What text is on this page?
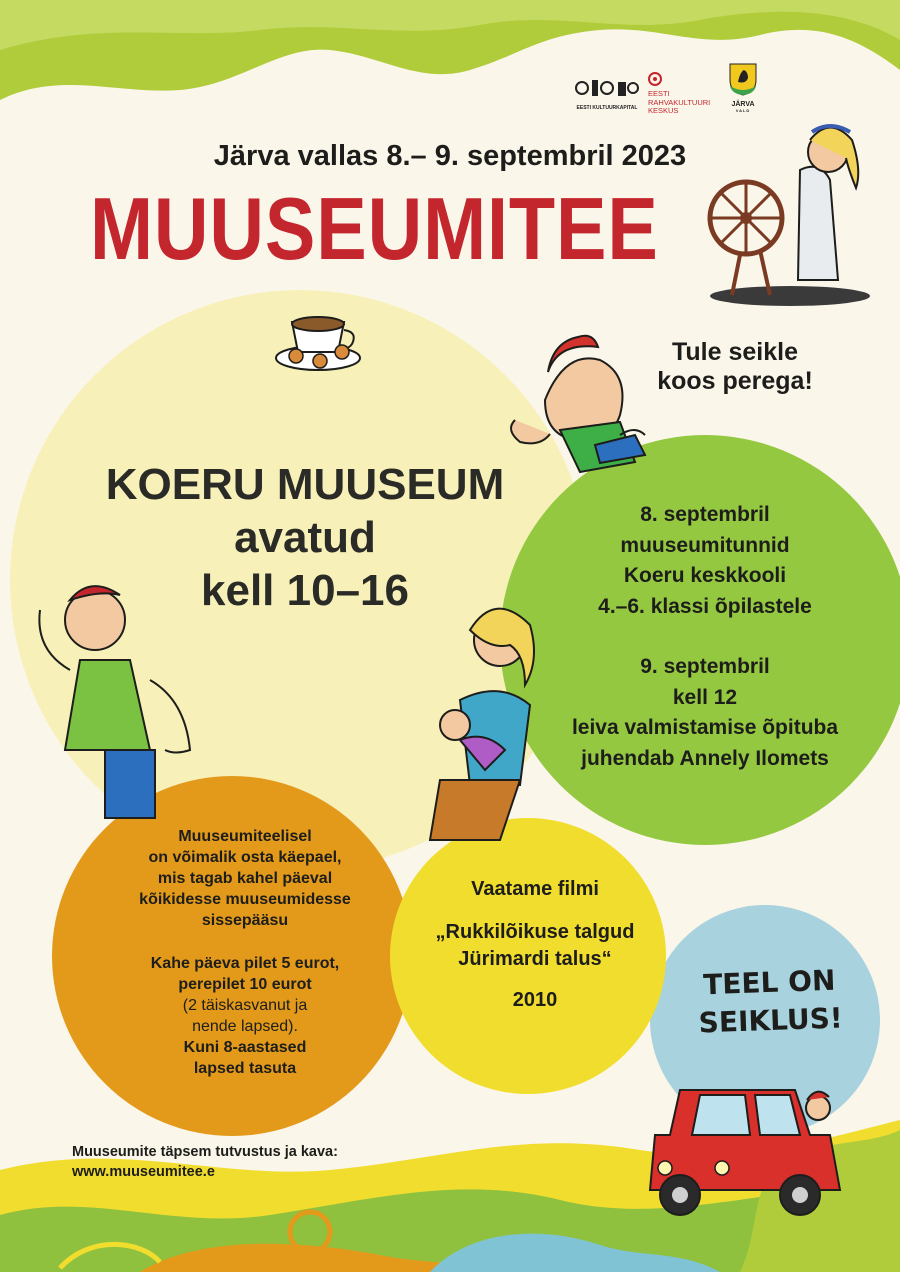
EESTI KULTUURKAPITAL
EESTI RAHVAKULTUURI KESKUS
JÄRVA
VALD
Järva vallas 8.– 9. septembril 2023
MUUSEUMITEE
Tule seikle
koos perega!
KOERU MUUSEUM
avatud
kell 10–16
8. septembril
muuseumitunnid
Koeru keskkooli
4.–6. klassi õpilastele
9. septembril
kell 12
leiva valmistamise õpituba
juhendab Annely Ilomets
Muuseumiteelisel
on võimalik osta käepael,
mis tagab kahel päeval
kõikidesse muuseumidesse
sissepääsu
Kahe päeva pilet 5 eurot,
perepilet 10 eurot
(2 täiskasvanut ja
nende lapsed).
Kuni 8-aastased
lapsed tasuta
Vaatame filmi
„Rukkilõikuse talgud
Jürimardi talus“
2010	TEEL ON
SEIKLUS!
Muuseumite täpsem tutvustus ja kava:
www.muuseumitee.e
